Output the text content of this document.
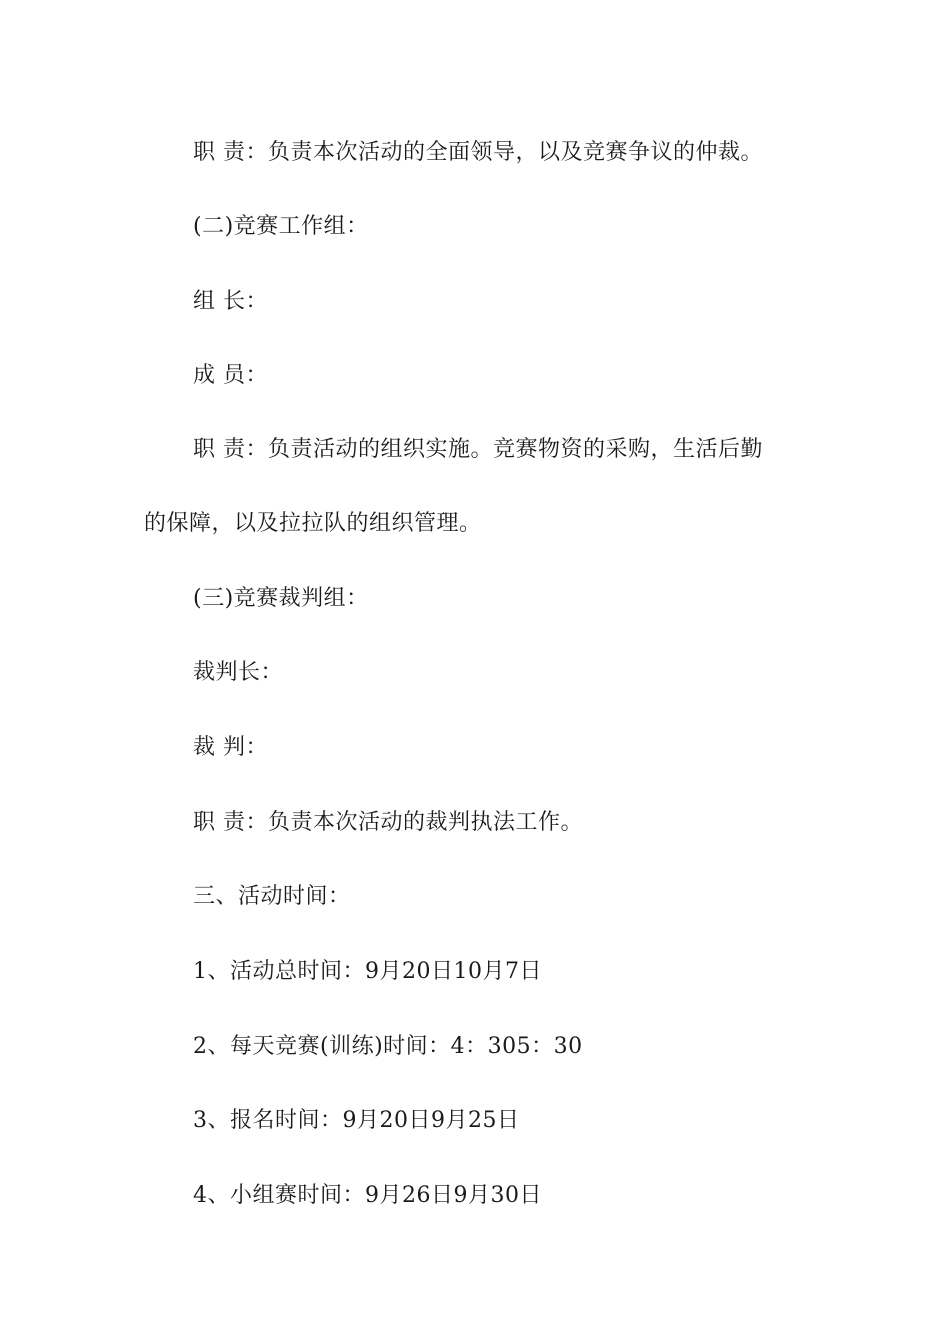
职 责：负责本次活动的全面领导，以及竞赛争议的仲裁。

(二)竞赛工作组：

组 长：

成 员：

职 责：负责活动的组织实施。竞赛物资的采购，生活后勤

的保障，以及拉拉队的组织管理。

(三)竞赛裁判组：

裁判长：

裁 判：

职 责：负责本次活动的裁判执法工作。

三、活动时间：

1、活动总时间：9月20日10月7日

2、每天竞赛(训练)时间：4：305：30

3、报名时间：9月20日9月25日

4、小组赛时间：9月26日9月30日
